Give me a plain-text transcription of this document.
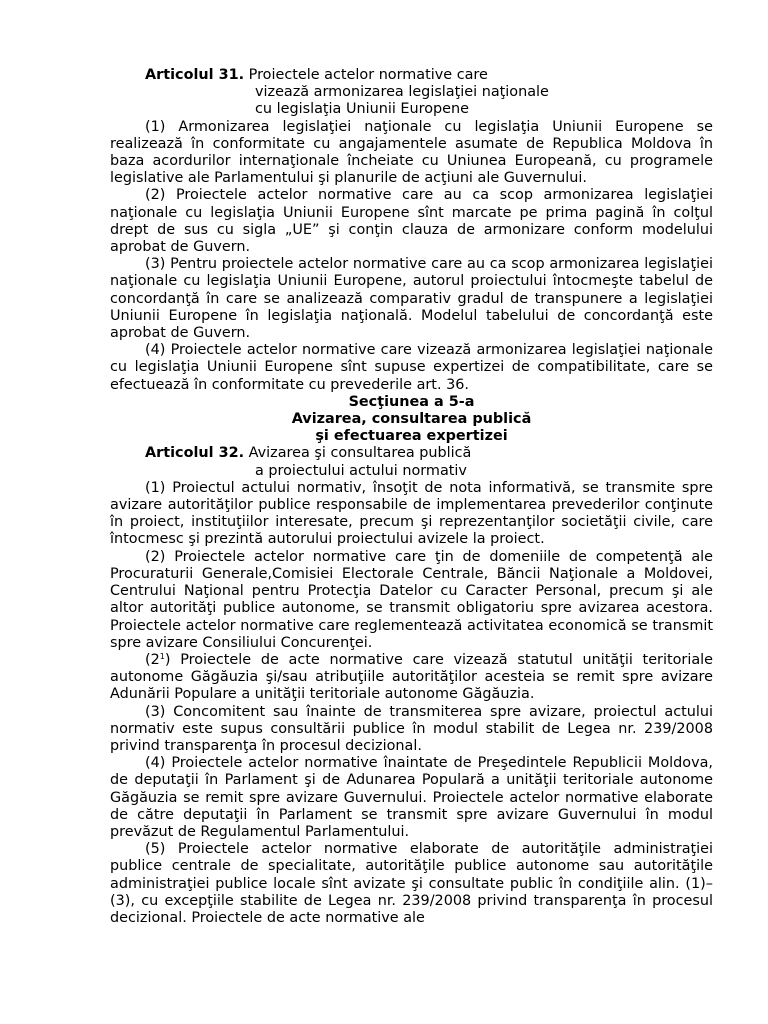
Articolul 31. Proiectele actelor normative care
vizează armonizarea legislaţiei naţionale
cu legislaţia Uniunii Europene
(1) Armonizarea legislaţiei naţionale cu legislaţia Uniunii Europene se realizează în conformitate cu angajamentele asumate de Republica Moldova în baza acordurilor internaţionale încheiate cu Uniunea Europeană, cu programele legislative ale Parlamentului şi planurile de acţiuni ale Guvernului.
(2) Proiectele actelor normative care au ca scop armonizarea legislaţiei naţionale cu legislaţia Uniunii Europene sînt marcate pe prima pagină în colţul drept de sus cu sigla „UE” şi conţin clauza de armonizare conform modelului aprobat de Guvern.
(3) Pentru proiectele actelor normative care au ca scop armonizarea legislaţiei naţionale cu legislaţia Uniunii Europene, autorul proiectului întocmeşte tabelul de concordanţă în care se analizează comparativ gradul de transpunere a legislaţiei Uniunii Europene în legislaţia naţională. Modelul tabelului de concordanţă este aprobat de Guvern.
(4) Proiectele actelor normative care vizează armonizarea legislaţiei naţionale cu legislaţia Uniunii Europene sînt supuse expertizei de compatibilitate, care se efectuează în conformitate cu prevederile art. 36.
Secţiunea a 5-a
Avizarea, consultarea publică
şi efectuarea expertizei
Articolul 32. Avizarea şi consultarea publică
a proiectului actului normativ
(1) Proiectul actului normativ, însoţit de nota informativă, se transmite spre avizare autorităţilor publice responsabile de implementarea prevederilor conţinute în proiect, instituţiilor interesate, precum şi reprezentanţilor societăţii civile, care întocmesc şi prezintă autorului proiectului avizele la proiect.
(2) Proiectele actelor normative care ţin de domeniile de competenţă ale Procuraturii Generale,Comisiei Electorale Centrale, Băncii Naţionale a Moldovei, Centrului Naţional pentru Protecţia Datelor cu Caracter Personal, precum şi ale altor autorităţi publice autonome, se transmit obligatoriu spre avizarea acestora. Proiectele actelor normative care reglementează activitatea economică se transmit spre avizare Consiliului Concurenţei.
$(2^1)$ Proiectele de acte normative care vizează statutul unităţii teritoriale autonome Găgăuzia şi/sau atribuţiile autorităţilor acesteia se remit spre avizare Adunării Populare a unităţii teritoriale autonome Găgăuzia.
(3) Concomitent sau înainte de transmiterea spre avizare, proiectul actului normativ este supus consultării publice în modul stabilit de Legea nr. 239/2008 privind transparenţa în procesul decizional.
(4) Proiectele actelor normative înaintate de Preşedintele Republicii Moldova, de deputaţii în Parlament şi de Adunarea Populară a unităţii teritoriale autonome Găgăuzia se remit spre avizare Guvernului. Proiectele actelor normative elaborate de către deputaţii în Parlament se transmit spre avizare Guvernului în modul prevăzut de Regulamentul Parlamentului.
(5) Proiectele actelor normative elaborate de autorităţile administraţiei publice centrale de specialitate, autorităţile publice autonome sau autorităţile administraţiei publice locale sînt avizate şi consultate public în condiţiile alin. (1)–(3), cu excepţiile stabilite de Legea nr. 239/2008 privind transparenţa în procesul decizional. Proiectele de acte normative ale
